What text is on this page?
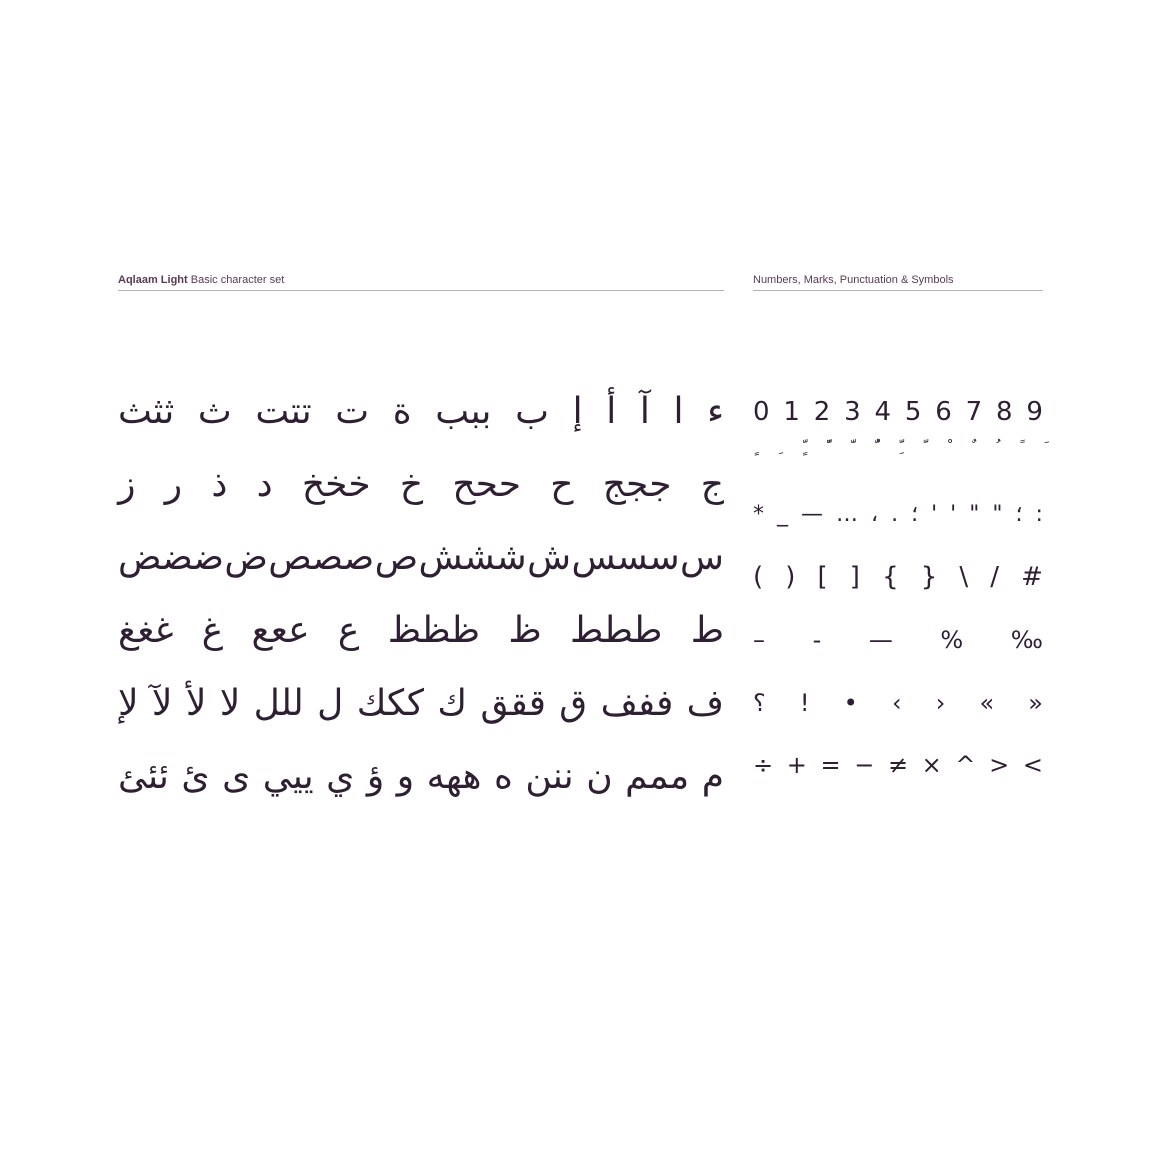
Aqlaam Light Basic character set	Numbers, Marks, Punctuation & Symbols
ء
ا
آ
أ
إ
ب
ببب
ة
ت
تتت
ث
ثثث
ج
ججج
ح
ححح
خ
خخخ
د
ذ
ر
ز
س
سسس
ش
ششش
ص
صصص
ض
ضضض
ط
ططط
ظ
ظظظ
ع
ععع
غ
غغغ
ف
ففف
ق
ققق
ك
ككك
ل
للل
لا
لأ
لآ
لإ
م
ممم
ن
ننن
ه
ههه
و
ؤ
ي
ييي
ى
ئ
ئئئ
0 1 2 3 4 5 6 7 8 9
* _ — … ، . ؛ ' ' " " ؛ :
( ) [ ] { } \ / #
– - — % ‰
؟ ! • ‹ › « »
÷ + = − ≠ × ^ > <
